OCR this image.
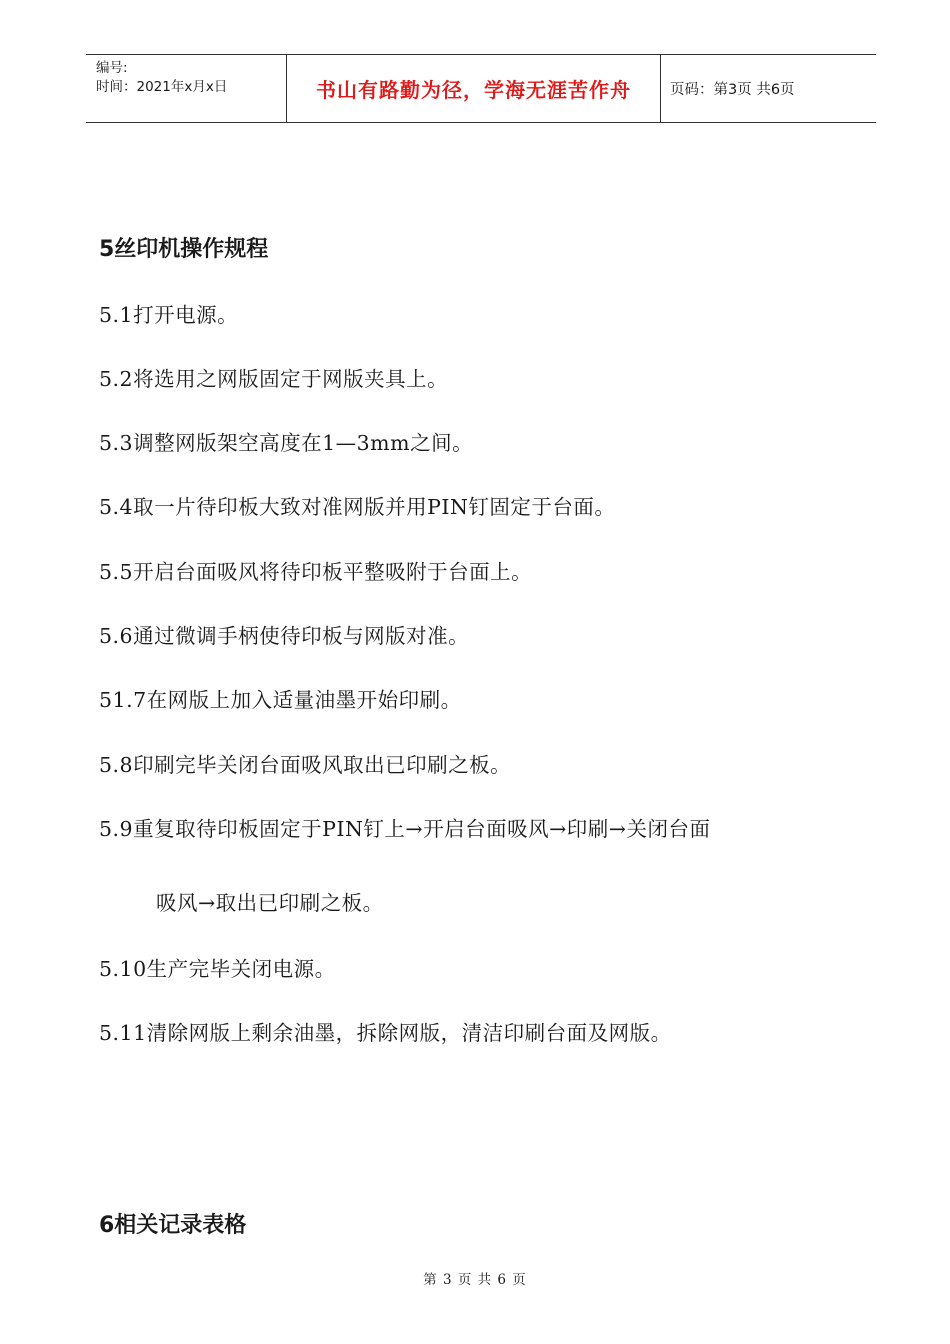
编号:
时间：2021年x月x日	书山有路勤为径，学海无涯苦作舟	页码：第3页 共6页
5丝印机操作规程

5.1打开电源。

5.2将选用之网版固定于网版夹具上。

5.3调整网版架空高度在1—3mm之间。

5.4取一片待印板大致对准网版并用PIN钉固定于台面。

5.5开启台面吸风将待印板平整吸附于台面上。

5.6通过微调手柄使待印板与网版对准。

51.7在网版上加入适量油墨开始印刷。

5.8印刷完毕关闭台面吸风取出已印刷之板。

5.9重复取待印板固定于PIN钉上→开启台面吸风→印刷→关闭台面

吸风→取出已印刷之板。

5.10生产完毕关闭电源。

5.11清除网版上剩余油墨，拆除网版，清洁印刷台面及网版。

6相关记录表格
第 3 页 共 6 页
